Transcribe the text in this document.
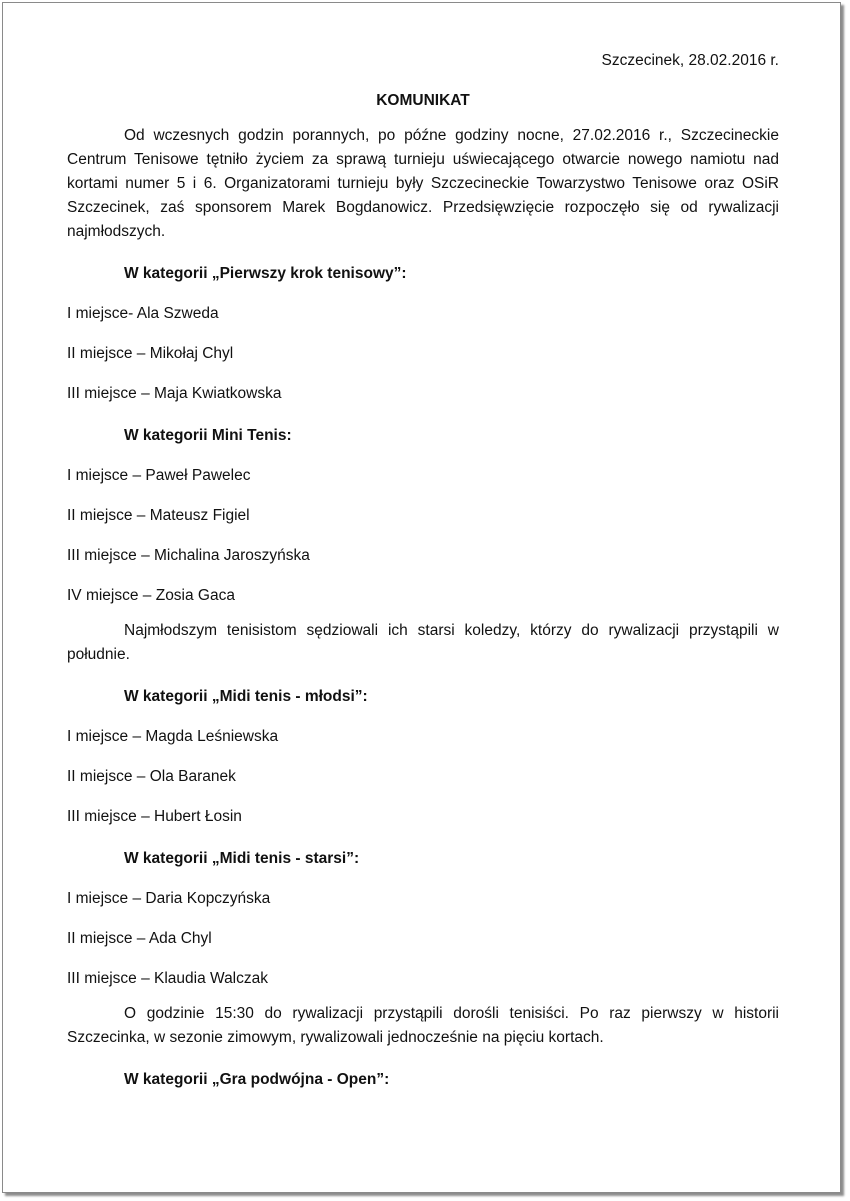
Szczecinek, 28.02.2016 r.

KOMUNIKAT

Od wczesnych godzin porannych, po późne godziny nocne, 27.02.2016 r., Szczecineckie Centrum Tenisowe tętniło życiem za sprawą turnieju uświecającego otwarcie nowego namiotu nad kortami numer 5 i 6. Organizatorami turnieju były Szczecineckie Towarzystwo Tenisowe oraz OSiR Szczecinek, zaś sponsorem Marek Bogdanowicz. Przedsięwzięcie rozpoczęło się od rywalizacji najmłodszych.

W kategorii „Pierwszy krok tenisowy”:

I miejsce- Ala Szweda

II miejsce – Mikołaj Chyl

III miejsce – Maja Kwiatkowska

W kategorii Mini Tenis:

I miejsce – Paweł Pawelec

II miejsce – Mateusz Figiel

III miejsce – Michalina Jaroszyńska

IV miejsce – Zosia Gaca

Najmłodszym tenisistom sędziowali ich starsi koledzy, którzy do rywalizacji przystąpili w południe.

W kategorii „Midi tenis - młodsi”:

I miejsce – Magda Leśniewska

II miejsce – Ola Baranek

III miejsce – Hubert Łosin

W kategorii „Midi tenis - starsi”:

I miejsce – Daria Kopczyńska

II miejsce – Ada Chyl

III miejsce – Klaudia Walczak

O godzinie 15:30 do rywalizacji przystąpili dorośli tenisiści. Po raz pierwszy w historii Szczecinka, w sezonie zimowym, rywalizowali jednocześnie na pięciu kortach.

W kategorii „Gra podwójna - Open”:
